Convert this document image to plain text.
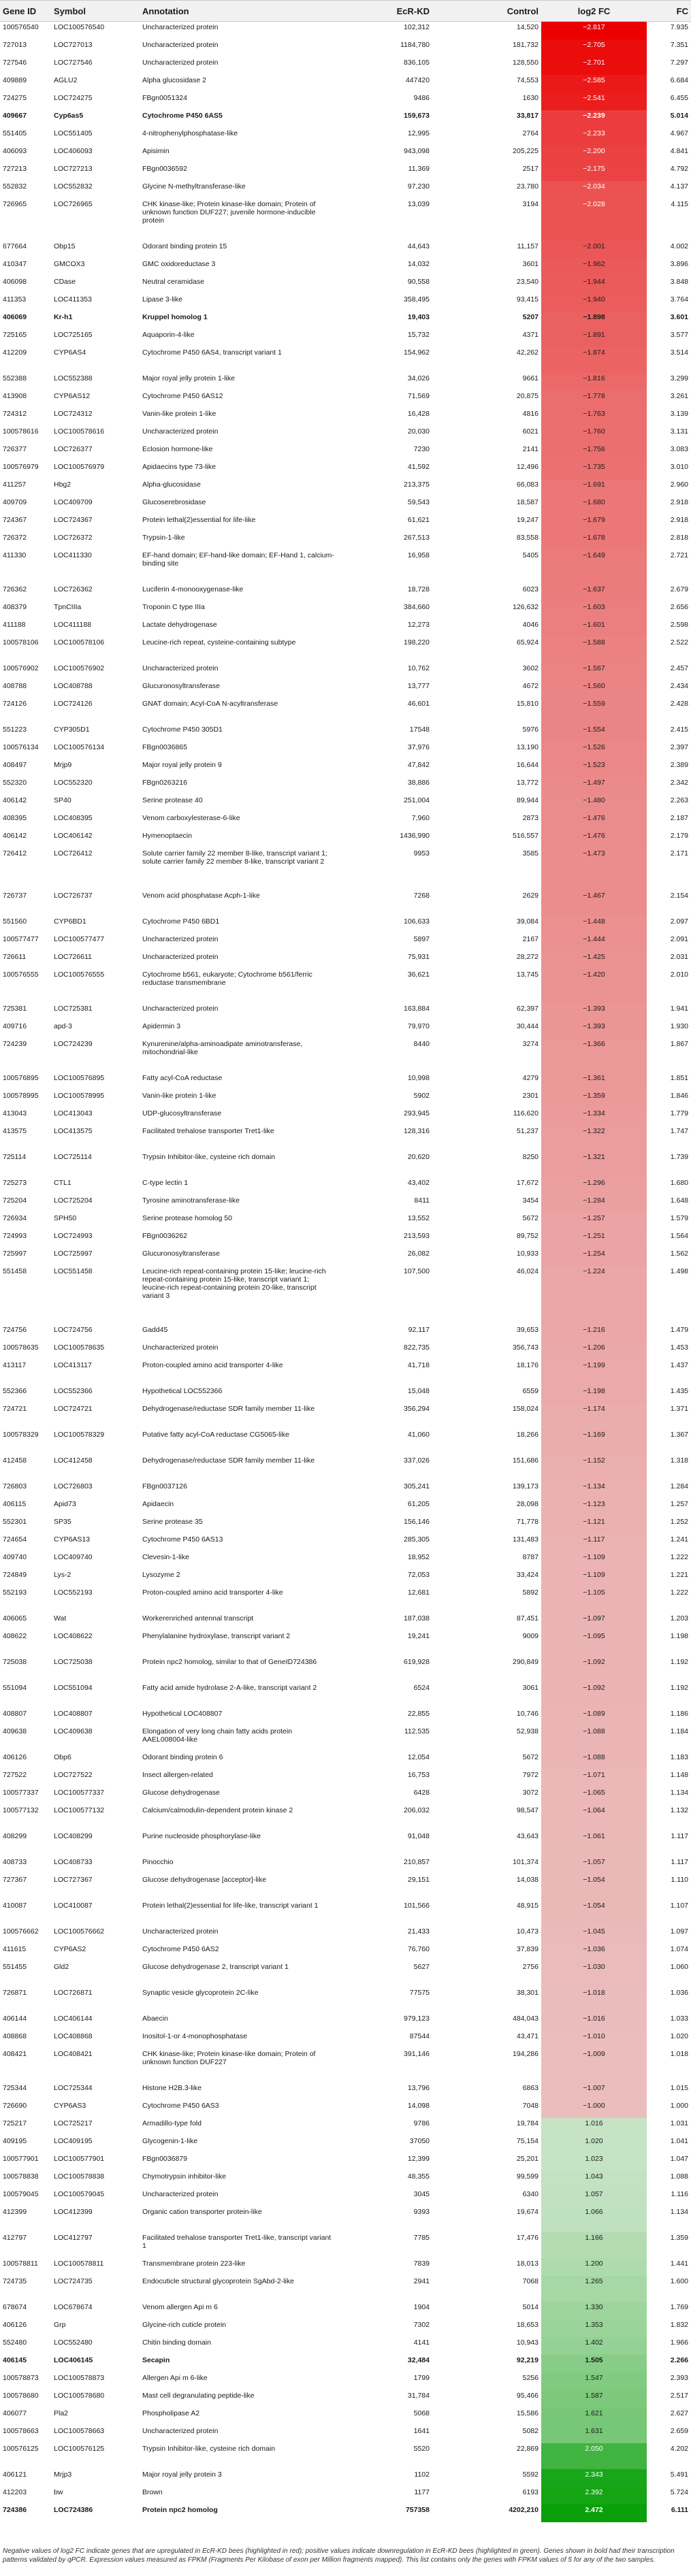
Gene ID	Symbol	Annotation	EcR-KD	Control	log2 FC	FC
100576540	LOC100576540	Uncharacterized protein	102,312	14,520	−2.817	7.935
727013	LOC727013	Uncharacterized protein	1184,780	181,732	−2.705	7.351
727546	LOC727546	Uncharacterized protein	836,105	128,550	−2.701	7.297
409889	AGLU2	Alpha glucosidase 2	447420	74,553	−2.585	6.684
724275	LOC724275	FBgn0051324	9486	1630	−2.541	6.455
409667	Cyp6as5	Cytochrome P450 6AS5	159,673	33,817	−2.239	5.014
551405	LOC551405	4-nitrophenylphosphatase-like	12,995	2764	−2.233	4.967
406093	LOC406093	Apisimin	943,098	205,225	−2.200	4.841
727213	LOC727213	FBgn0036592	11,369	2517	−2.175	4.792
552832	LOC552832	Glycine N-methyltransferase-like	97,230	23,780	−2.034	4.137
726965	LOC726965	CHK kinase-like; Protein kinase-like domain; Protein of unknown function DUF227; juvenile hormone-inducible protein	13,039	3194	−2.028	4.115
677664	Obp15	Odorant binding protein 15	44,643	11,157	−2.001	4.002
410347	GMCOX3	GMC oxidoreductase 3	14,032	3601	−1.962	3.896
406098	CDase	Neutral ceramidase	90,558	23,540	−1.944	3.848
411353	LOC411353	Lipase 3-like	358,495	93,415	−1.940	3.764
406069	Kr-h1	Kruppel homolog 1	19,403	5207	−1.898	3.601
725165	LOC725165	Aquaporin-4-like	15,732	4371	−1.891	3.577
412209	CYP6AS4	Cytochrome P450 6AS4, transcript variant 1	154,962	42,262	−1.874	3.514
552388	LOC552388	Major royal jelly protein 1-like	34,026	9661	−1.816	3.299
413908	CYP6AS12	Cytochrome P450 6AS12	71,569	20,875	−1.778	3.261
724312	LOC724312	Vanin-like protein 1-like	16,428	4816	−1.763	3.139
100578616	LOC100578616	Uncharacterized protein	20,030	6021	−1.760	3.131
726377	LOC726377	Eclosion hormone-like	7230	2141	−1.756	3.083
100576979	LOC100576979	Apidaecins type 73-like	41,592	12,496	−1.735	3.010
411257	Hbg2	Alpha-glucosidase	213,375	66,083	−1.691	2.960
409709	LOC409709	Glucoserebrosidase	59,543	18,587	−1.680	2.918
724367	LOC724367	Protein lethal(2)essential for life-like	61,621	19,247	−1.679	2.918
726372	LOC726372	Trypsin-1-like	267,513	83,558	−1.678	2.818
411330	LOC411330	EF-hand domain; EF-hand-like domain; EF-Hand 1, calcium-binding site	16,958	5405	−1.649	2.721
726362	LOC726362	Luciferin 4-monooxygenase-like	18,728	6023	−1.637	2.679
408379	TpnCIIIa	Troponin C type IIIa	384,660	126,632	−1.603	2.656
411188	LOC411188	Lactate dehydrogenase	12,273	4046	−1.601	2.598
100578106	LOC100578106	Leucine-rich repeat, cysteine-containing subtype	198,220	65,924	−1.588	2.522
100576902	LOC100576902	Uncharacterized protein	10,762	3602	−1.567	2.457
408788	LOC408788	Glucuronosyltransferase	13,777	4672	−1.560	2.434
724126	LOC724126	GNAT domain; Acyl-CoA N-acyltransferase	46,601	15,810	−1.559	2.428
551223	CYP305D1	Cytochrome P450 305D1	17548	5976	−1.554	2.415
100576134	LOC100576134	FBgn0036865	37,976	13,190	−1.526	2.397
408497	Mrjp9	Major royal jelly protein 9	47,842	16,644	−1.523	2.389
552320	LOC552320	FBgn0263216	38,886	13,772	−1.497	2.342
406142	SP40	Serine protease 40	251,004	89,944	−1.480	2.263
408395	LOC408395	Venom carboxylesterase-6-like	7,960	2873	−1.476	2.187
406142	LOC406142	Hymenoptaecin	1436,990	516,557	−1.476	2.179
726412	LOC726412	Solute carrier family 22 member 8-like, transcript variant 1; solute carrier family 22 member 8-like, transcript variant 2	9953	3585	−1.473	2.171
726737	LOC726737	Venom acid phosphatase Acph-1-like	7268	2629	−1.467	2.154
551560	CYP6BD1	Cytochrome P450 6BD1	106,633	39,084	−1.448	2.097
100577477	LOC100577477	Uncharacterized protein	5897	2167	−1.444	2.091
726611	LOC726611	Uncharacterized protein	75,931	28,272	−1.425	2.031
100576555	LOC100576555	Cytochrome b561, eukaryote; Cytochrome b561/ferric reductase transmembrane	36,621	13,745	−1.420	2.010
725381	LOC725381	Uncharacterized protein	163,884	62,397	−1.393	1.941
409716	apd-3	Apidermin 3	79,970	30,444	−1.393	1.930
724239	LOC724239	Kynurenine/alpha-aminoadipate aminotransferase, mitochondrial-like	8440	3274	−1.366	1.867
100576895	LOC100576895	Fatty acyl-CoA reductase	10,998	4279	−1.361	1.851
100578995	LOC100578995	Vanin-like protein 1-like	5902	2301	−1.359	1.846
413043	LOC413043	UDP-glucosyltransferase	293,945	116,620	−1.334	1.779
413575	LOC413575	Facilitated trehalose transporter Tret1-like	128,316	51,237	−1.322	1.747
725114	LOC725114	Trypsin Inhibitor-like, cysteine rich domain	20,620	8250	−1.321	1.739
725273	CTL1	C-type lectin 1	43,402	17,672	−1.296	1.680
725204	LOC725204	Tyrosine aminotransferase-like	8411	3454	−1.284	1.648
726934	SPH50	Serine protease homolog 50	13,552	5672	−1.257	1.579
724993	LOC724993	FBgn0036262	213,593	89,752	−1.251	1.564
725997	LOC725997	Glucuronosyltransferase	26,082	10,933	−1.254	1.562
551458	LOC551458	Leucine-rich repeat-containing protein 15-like; leucine-rich repeat-containing protein 15-like, transcript variant 1; leucine-rich repeat-containing protein 20-like, transcript variant 3	107,500	46,024	−1.224	1.498
724756	LOC724756	Gadd45	92,117	39,653	−1.216	1.479
100578635	LOC100578635	Uncharacterized protein	822,735	356,743	−1.206	1.453
413117	LOC413117	Proton-coupled amino acid transporter 4-like	41,718	18,176	−1.199	1.437
552366	LOC552366	Hypothetical LOC552366	15,048	6559	−1.198	1.435
724721	LOC724721	Dehydrogenase/reductase SDR family member 11-like	356,294	158,024	−1.174	1.371
100578329	LOC100578329	Putative fatty acyl-CoA reductase CG5065-like	41,060	18,266	−1.169	1.367
412458	LOC412458	Dehydrogenase/reductase SDR family member 11-like	337,026	151,686	−1.152	1.318
726803	LOC726803	FBgn0037126	305,241	139,173	−1.134	1.284
406115	Apid73	Apidaecin	61,205	28,098	−1.123	1.257
552301	SP35	Serine protease 35	156,146	71,778	−1.121	1.252
724654	CYP6AS13	Cytochrome P450 6AS13	285,305	131,483	−1.117	1.241
409740	LOC409740	Clevesin-1-like	18,952	8787	−1.109	1.222
724849	Lys-2	Lysozyme 2	72,053	33,424	−1.109	1.221
552193	LOC552193	Proton-coupled amino acid transporter 4-like	12,681	5892	−1.105	1.222
406065	Wat	Workerenriched antennal transcript	187,038	87,451	−1.097	1.203
408622	LOC408622	Phenylalanine hydroxylase, transcript variant 2	19,241	9009	−1.095	1.198
725038	LOC725038	Protein npc2 homolog, similar to that of GeneID724386	619,928	290,849	−1.092	1.192
551094	LOC551094	Fatty acid amide hydrolase 2-A-like, transcript variant 2	6524	3061	−1.092	1.192
408807	LOC408807	Hypothetical LOC408807	22,855	10,746	−1.089	1.186
409638	LOC409638	Elongation of very long chain fatty acids protein AAEL008004-like	112,535	52,938	−1.088	1.184
406126	Obp6	Odorant binding protein 6	12,054	5672	−1.088	1.183
727522	LOC727522	Insect allergen-related	16,753	7972	−1.071	1.148
100577337	LOC100577337	Glucose dehydrogenase	6428	3072	−1.065	1.134
100577132	LOC100577132	Calcium/calmodulin-dependent protein kinase 2	206,032	98,547	−1.064	1.132
408299	LOC408299	Purine nucleoside phosphorylase-like	91,048	43,643	−1.061	1.117
408733	LOC408733	Pinocchio	210,857	101,374	−1.057	1.117
727367	LOC727367	Glucose dehydrogenase [acceptor]-like	29,151	14,038	−1.054	1.110
410087	LOC410087	Protein lethal(2)essential for life-like, transcript variant 1	101,566	48,915	−1.054	1.107
100576662	LOC100576662	Uncharacterized protein	21,433	10,473	−1.045	1.097
411615	CYP6AS2	Cytochrome P450 6AS2	76,760	37,839	−1.036	1.074
551455	Gld2	Glucose dehydrogenase 2, transcript variant 1	5627	2756	−1.030	1.060
726871	LOC726871	Synaptic vesicle glycoprotein 2C-like	77575	38,301	−1.018	1.036
406144	LOC406144	Abaecin	979,123	484,043	−1.016	1.033
408868	LOC408868	Inositol-1-or 4-monophosphatase	87544	43,471	−1.010	1.020
408421	LOC408421	CHK kinase-like; Protein kinase-like domain; Protein of unknown function DUF227	391,146	194,286	−1.009	1.018
725344	LOC725344	Histone H2B.3-like	13,796	6863	−1.007	1.015
726690	CYP6AS3	Cytochrome P450 6AS3	14,098	7048	−1.000	1.000
725217	LOC725217	Armadillo-type fold	9786	19,784	1.016	1.031
409195	LOC409195	Glycogenin-1-like	37050	75,154	1.020	1.041
100577901	LOC100577901	FBgn0036879	12,399	25,201	1.023	1.047
100578838	LOC100578838	Chymotrypsin inhibitor-like	48,355	99,599	1.043	1.088
100579045	LOC100579045	Uncharacterized protein	3045	6340	1.057	1.116
412399	LOC412399	Organic cation transporter protein-like	9393	19,674	1.066	1.134
412797	LOC412797	Facilitated trehalose transporter Tret1-like, transcript variant 1	7785	17,476	1.166	1.359
100578811	LOC100578811	Transmembrane protein 223-like	7839	18,013	1.200	1.441
724735	LOC724735	Endocuticle structural glycoprotein SgAbd-2-like	2941	7068	1.265	1.600
678674	LOC678674	Venom allergen Api m 6	1904	5014	1.330	1.769
406126	Grp	Glycine-rich cuticle protein	7302	18,653	1.353	1.832
552480	LOC552480	Chitin binding domain	4141	10,943	1.402	1.966
406145	LOC406145	Secapin	32,484	92,219	1.505	2.266
100578873	LOC100578873	Allergen Api m 6-like	1799	5256	1.547	2.393
100578680	LOC100578680	Mast cell degranulating peptide-like	31,784	95,466	1.587	2.517
406077	Pla2	Phospholipase A2	5068	15,586	1.621	2.627
100578663	LOC100578663	Uncharacterized protein	1641	5082	1.631	2.659
100576125	LOC100576125	Trypsin Inhibitor-like, cysteine rich domain	5520	22,869	2.050	4.202
406121	Mrjp3	Major royal jelly protein 3	1102	5592	2.343	5.491
412203	bw	Brown	1177	6193	2.392	5.724
724386	LOC724386	Protein npc2 homolog	757358	4202,210	2.472	6.111
Negative values of log2 FC indicate genes that are upregulated in EcR-KD bees (highlighted in red); positive values indicate downregulation in EcR-KD bees (highlighted in green). Genes shown in bold had their transcription patterns validated by qPCR. Expression values measured as FPKM (Fragments Per Kilobase of exon per Million fragments mapped). This list contains only the genes with FPKM values of 5 for any of the two samples.
